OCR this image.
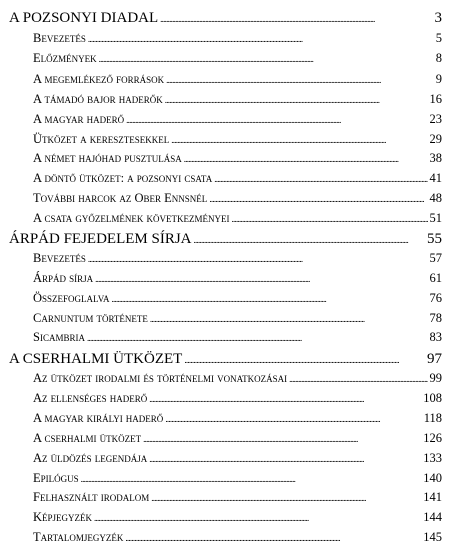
A POZSONYI DIADAL . . .	3
Bevezetés . . .	5
Előzmények . . .	8
A megemlékező források . . .	9
A támadó bajor haderők . . .	16
A magyar haderő . . .	23
Ütközet a keresztesekkel . . .	29
A német hajóhad pusztulása . . .	38
A döntő ütközet: a pozsonyi csata . . .	41
További harcok az Ober Ennsnél . . .	48
A csata győzelmének következményei . . .	51
ÁRPÁD FEJEDELEM SÍRJA . . .	55
Bevezetés . . .	57
Árpád sírja . . .	61
Összefoglalva . . .	76
Carnuntum története . . .	78
Sicambria . . .	83
A CSERHALMI ÜTKÖZET . . .	97
Az ütközet irodalmi és történelmi vonatkozásai . . .	99
Az ellenséges haderő . . .	108
A magyar királyi haderő . . .	118
A cserhalmi ütközet . . .	126
Az üldözés legendája . . .	133
Epilógus . . .	140
Felhasznált irodalom . . .	141
Képjegyzék . . .	144
Tartalomjegyzék . . .	145
